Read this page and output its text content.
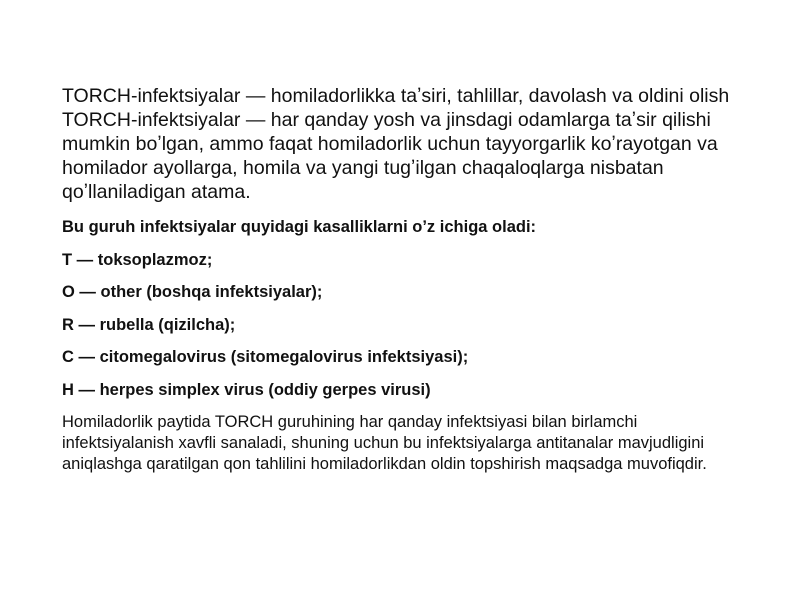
TORCH-infektsiyalar — homiladorlikka taʼsiri, tahlillar, davolash va oldini olish

TORCH-infektsiyalar — har qanday yosh va jinsdagi odamlarga taʼsir qilishi mumkin boʼlgan, ammo faqat homiladorlik uchun tayyorgarlik koʼrayotgan va homilador ayollarga, homila va yangi tugʼilgan chaqaloqlarga nisbatan qoʼllaniladigan atama.

Bu guruh infektsiyalar quyidagi kasalliklarni oʼz ichiga oladi:

T — toksoplazmoz;

O — other (boshqa infektsiyalar);

R — rubella (qizilcha);

C — citomegalovirus (sitomegalovirus infektsiyasi);

H — herpes simplex virus (oddiy gerpes virusi)

Homiladorlik paytida TORCH guruhining har qanday infektsiyasi bilan birlamchi infektsiyalanish xavfli sanaladi, shuning uchun bu infektsiyalarga antitanalar mavjudligini aniqlashga qaratilgan qon tahlilini homiladorlikdan oldin topshirish maqsadga muvofiqdir.
